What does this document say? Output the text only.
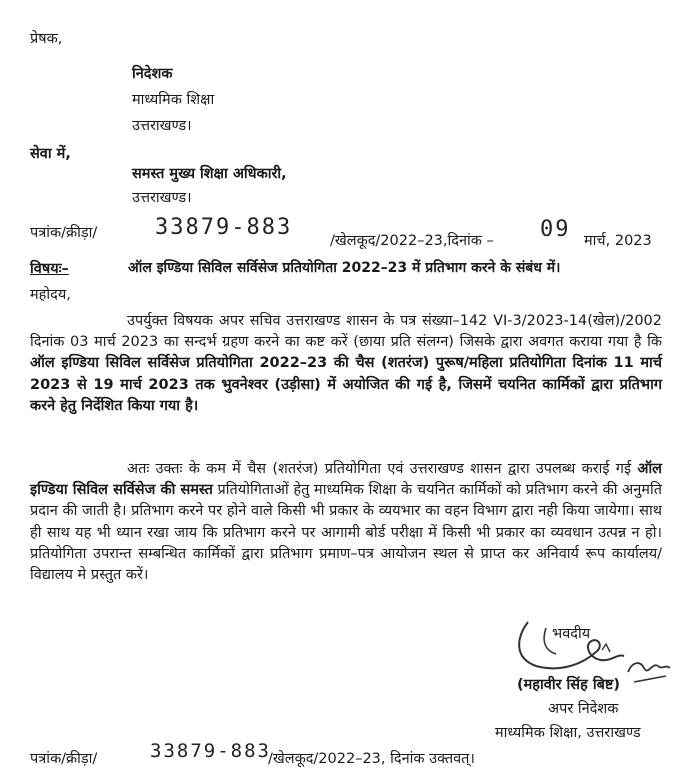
प्रेषक,
निदेशक
माध्यमिक शिक्षा
उत्तराखण्ड।
सेवा में,
समस्त मुख्य शिक्षा अधिकारी,
उत्तराखण्ड।
पत्रांक/क्रीड़ा/	33879-883
/खेलकूद/2022–23,दिनांक – 09 मार्च, 2023
विषयः–	ऑल इण्डिया सिविल सर्विसेज प्रतियोगिता 2022–23 में प्रतिभाग करने के संबंध में।
महोदय,
उपर्युक्त विषयक अपर सचिव उत्तराखण्ड शासन के पत्र संख्या–142 VI-3/2023-14(खेल)/2002 दिनांक 03 मार्च 2023 का सन्दर्भ ग्रहण करने का कष्ट करें (छाया प्रति संलग्न) जिसके द्वारा अवगत कराया गया है कि ऑल इण्डिया सिविल सर्विसेज प्रतियोगिता 2022–23 की चैस (शतरंज) पुरूष/महिला प्रतियोगिता दिनांक 11 मार्च 2023 से 19 मार्च 2023 तक भुवनेश्वर (उड़ीसा) में अयोजित की गई है, जिसमें चयनित कार्मिकों द्वारा प्रतिभाग करने हेतु निर्देशित किया गया है।
अतः उक्तः के कम में चैस (शतरंज) प्रतियोगिता एवं उत्तराखण्ड शासन द्वारा उपलब्ध कराई गई ऑल इण्डिया सिविल सर्विसेज की समस्त प्रतियोगिताओं हेतु माध्यमिक शिक्षा के चयनित कार्मिकों को प्रतिभाग करने की अनुमति प्रदान की जाती है। प्रतिभाग करने पर होने वाले किसी भी प्रकार के व्ययभार का वहन विभाग द्वारा नही किया जायेगा। साथ ही साथ यह भी ध्यान रखा जाय कि प्रतिभाग करने पर आगामी बोर्ड परीक्षा में किसी भी प्रकार का व्यवधान उत्पन्न न हो। प्रतियोगिता उपरान्त सम्बन्धित कार्मिकों द्वारा प्रतिभाग प्रमाण–पत्र आयोजन स्थल से प्राप्त कर अनिवार्य रूप कार्यालय/विद्यालय मे प्रस्तुत करें।
भवदीय
(महावीर सिंह बिष्ट)
अपर निदेशक
माध्यमिक शिक्षा, उत्तराखण्ड
पत्रांक/क्रीड़ा/	33879-883
/खेलकूद/2022–23, दिनांक उक्तवत्।
